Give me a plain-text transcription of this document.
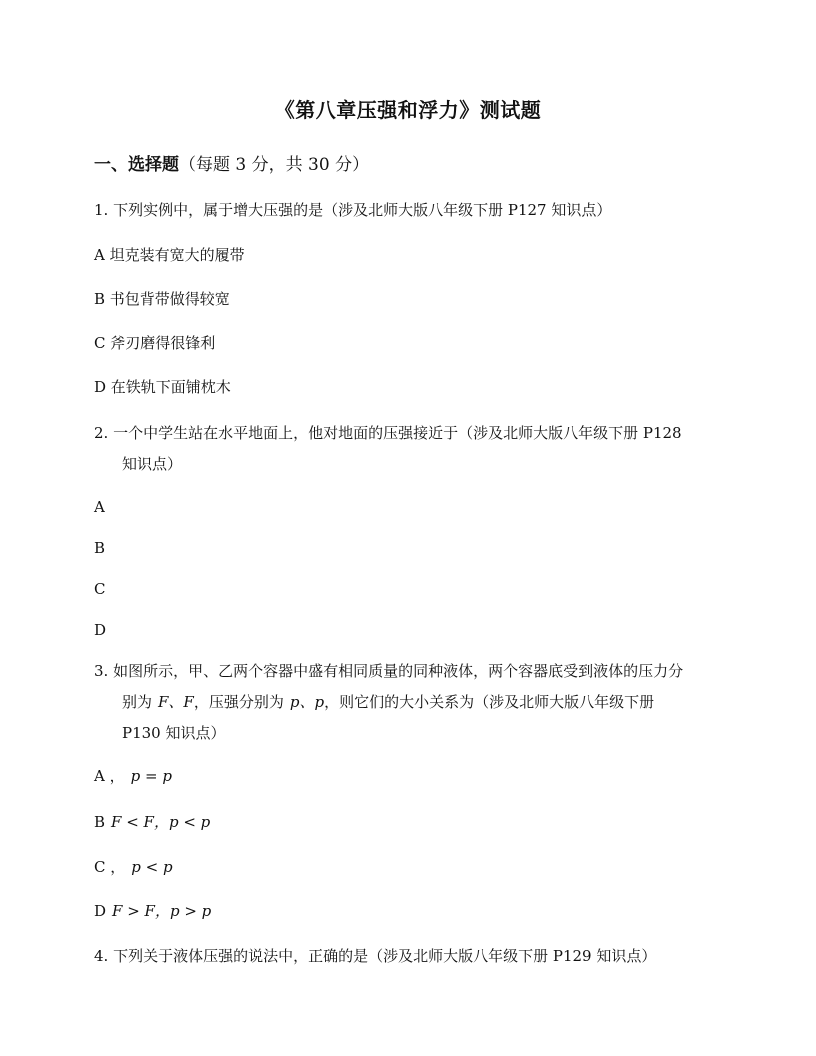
《第八章压强和浮力》测试题
一、选择题（每题 3 分，共 30 分）
1. 下列实例中，属于增大压强的是（涉及北师大版八年级下册 P127 知识点）
A 坦克装有宽大的履带
B 书包背带做得较宽
C 斧刃磨得很锋利
D 在铁轨下面铺枕木
2. 一个中学生站在水平地面上，他对地面的压强接近于（涉及北师大版八年级下册 P128
知识点）
A
B
C
D
3. 如图所示，甲、乙两个容器中盛有相同质量的同种液体，两个容器底受到液体的压力分
别为 F、F，压强分别为 p、p，则它们的大小关系为（涉及北师大版八年级下册
P130 知识点）
A ， p = p
B F < F，p < p
C ， p < p
D F > F，p > p
4. 下列关于液体压强的说法中，正确的是（涉及北师大版八年级下册 P129 知识点）
